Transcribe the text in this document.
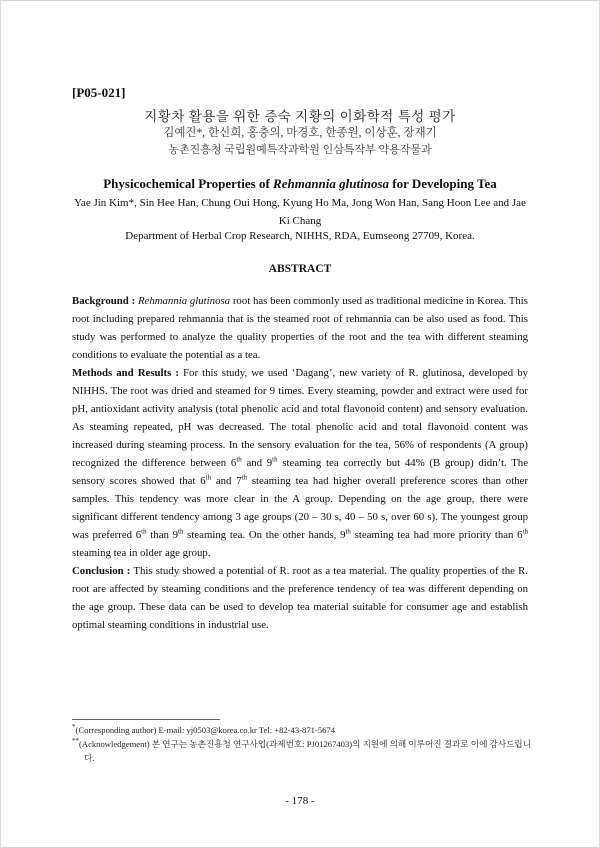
[P05-021]
지황차 활용을 위한 증숙 지황의 이화학적 특성 평가
김예진*, 한신희, 홍충의, 마경호, 한종원, 이상훈, 장재기
농촌진흥청 국립원예특작과학원 인삼특작부 약용작물과
Physicochemical Properties of Rehmannia glutinosa for Developing Tea
Yae Jin Kim*, Sin Hee Han, Chung Oui Hong, Kyung Ho Ma, Jong Won Han, Sang Hoon Lee and Jae Ki Chang
Department of Herbal Crop Research, NIHHS, RDA, Eumseong 27709, Korea.
ABSTRACT

Background : Rehmannia glutinosa root has been commonly used as traditional medicine in Korea. This root including prepared rehmannia that is the steamed root of rehmannia can be also used as food. This study was performed to analyze the quality properties of the root and the tea with different steaming conditions to evaluate the potential as a tea.

Methods and Results : For this study, we used ‘Dagang’, new variety of R. glutinosa, developed by NIHHS. The root was dried and steamed for 9 times. Every steaming, powder and extract were used for pH, antioxidant activity analysis (total phenolic acid and total flavonoid content) and sensory evaluation. As steaming repeated, pH was decreased. The total phenolic acid and total flavonoid content was increased during steaming process. In the sensory evaluation for the tea, 56% of respondents (A group) recognized the difference between 6th and 9th steaming tea correctly but 44% (B group) didn’t. The sensory scores showed that 6th and 7th steaming tea had higher overall preference scores than other samples. This tendency was more clear in the A group. Depending on the age group, there were significant different tendency among 3 age groups (20 – 30 s, 40 – 50 s, over 60 s). The youngest group was preferred 6th than 9th steaming tea. On the other hands, 9th steaming tea had more priority than 6th steaming tea in older age group.

Conclusion : This study showed a potential of R. root as a tea material. The quality properties of the R. root are affected by steaming conditions and the preference tendency of tea was different depending on the age group. These data can be used to develop tea material suitable for consumer age and establish optimal steaming conditions in industrial use.

*(Corresponding author) E-mail: yj0503@korea.co.kr Tel: +82-43-871-5674

**(Acknowledgement) 본 연구는 농촌진흥청 연구사업(과제번호: PJ01267403)의 지원에 의해 이루어진 결과로 이에 감사드립니다.

- 178 -
